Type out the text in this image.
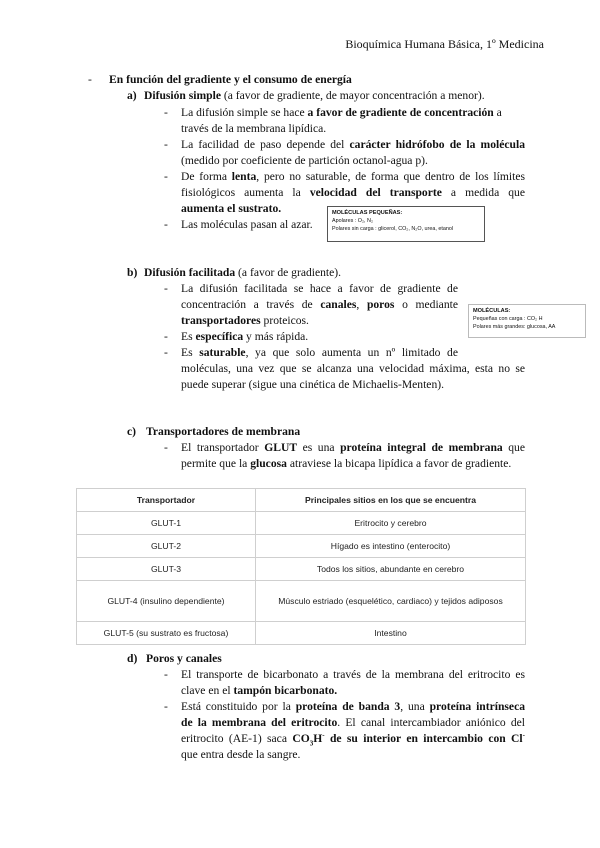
Bioquímica Humana Básica, 1º Medicina
- En función del gradiente y el consumo de energía
a) Difusión simple (a favor de gradiente, de mayor concentración a menor).
- La difusión simple se hace a favor de gradiente de concentración a
través de la membrana lipídica.
- La facilidad de paso depende del carácter hidrófobo de la molécula
(medido por coeficiente de partición octanol-agua p).
- De forma lenta, pero no saturable, de forma que dentro de los límites
fisiológicos aumenta la velocidad del transporte a medida que
aumenta el sustrato.
- Las moléculas pasan al azar.
MOLÉCULAS PEQUEÑAS:
Apolares : O₂, N₂
Polares sin carga : glicerol, CO₂, N₂O, urea, etanol
b) Difusión facilitada (a favor de gradiente).
- La difusión facilitada se hace a favor de gradiente de
concentración a través de canales, poros o mediante
transportadores proteicos.
MOLÉCULAS:
Pequeñas con carga : CO₂ H
Polares más grandes: glucosa, AA
- Es específica y más rápida.
- Es saturable, ya que solo aumenta un nº limitado de
moléculas, una vez que se alcanza una velocidad máxima, esta no se
puede superar (sigue una cinética de Michaelis-Menten).
c) Transportadores de membrana
- El transportador GLUT es una proteína integral de membrana que
permite que la glucosa atraviese la bicapa lipídica a favor de gradiente.
Transportador	Principales sitios en los que se encuentra
GLUT-1	Eritrocito y cerebro
GLUT-2	Hígado es intestino (enterocito)
GLUT-3	Todos los sitios, abundante en cerebro
GLUT-4 (insulino dependiente)	Músculo estriado (esquelético, cardiaco) y tejidos adiposos
GLUT-5 (su sustrato es fructosa)	Intestino
d) Poros y canales
- El transporte de bicarbonato a través de la membrana del eritrocito es
clave en el tampón bicarbonato.
- Está constituido por la proteína de banda 3, una proteína intrínseca
de la membrana del eritrocito. El canal intercambiador aniónico del
eritrocito (AE-1) saca $CO_3H^-$ de su interior en intercambio con Cl-
que entra desde la sangre.
